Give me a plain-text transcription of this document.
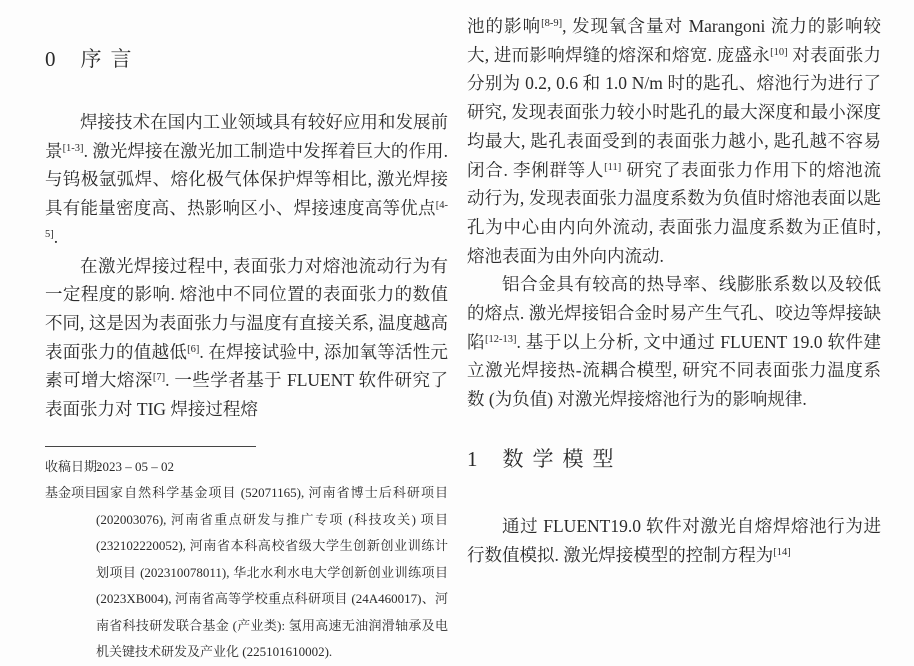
0 序言

焊接技术在国内工业领域具有较好应用和发展前景[1-3]. 激光焊接在激光加工制造中发挥着巨大的作用. 与钨极氩弧焊、熔化极气体保护焊等相比, 激光焊接具有能量密度高、热影响区小、焊接速度高等优点[4-5].

在激光焊接过程中, 表面张力对熔池流动行为有一定程度的影响. 熔池中不同位置的表面张力的数值不同, 这是因为表面张力与温度有直接关系, 温度越高表面张力的值越低[6]. 在焊接试验中, 添加氧等活性元素可增大熔深[7]. 一些学者基于 FLUENT 软件研究了表面张力对 TIG 焊接过程熔

收稿日期:
2023 – 05 – 02
基金项目:
国家自然科学基金项目 (52071165), 河南省博士后科研项目 (202003076), 河南省重点研发与推广专项 (科技攻关) 项目 (232102220052), 河南省本科高校省级大学生创新创业训练计划项目 (202310078011), 华北水利水电大学创新创业训练项目 (2023XB004), 河南省高等学校重点科研项目 (24A460017)、河南省科技研发联合基金 (产业类): 氢用高速无油润滑轴承及电机关键技术研发及产业化 (225101610002).

池的影响[8-9], 发现氧含量对 Marangoni 流力的影响较大, 进而影响焊缝的熔深和熔宽. 庞盛永[10] 对表面张力分别为 0.2, 0.6 和 1.0 N/m 时的匙孔、熔池行为进行了研究, 发现表面张力较小时匙孔的最大深度和最小深度均最大, 匙孔表面受到的表面张力越小, 匙孔越不容易闭合. 李俐群等人[11] 研究了表面张力作用下的熔池流动行为, 发现表面张力温度系数为负值时熔池表面以匙孔为中心由内向外流动, 表面张力温度系数为正值时, 熔池表面为由外向内流动.

铝合金具有较高的热导率、线膨胀系数以及较低的熔点. 激光焊接铝合金时易产生气孔、咬边等焊接缺陷[12-13]. 基于以上分析, 文中通过 FLUENT 19.0 软件建立激光焊接热-流耦合模型, 研究不同表面张力温度系数 (为负值) 对激光焊接熔池行为的影响规律.

1 数学模型

通过 FLUENT19.0 软件对激光自熔焊熔池行为进行数值模拟. 激光焊接模型的控制方程为[14]
